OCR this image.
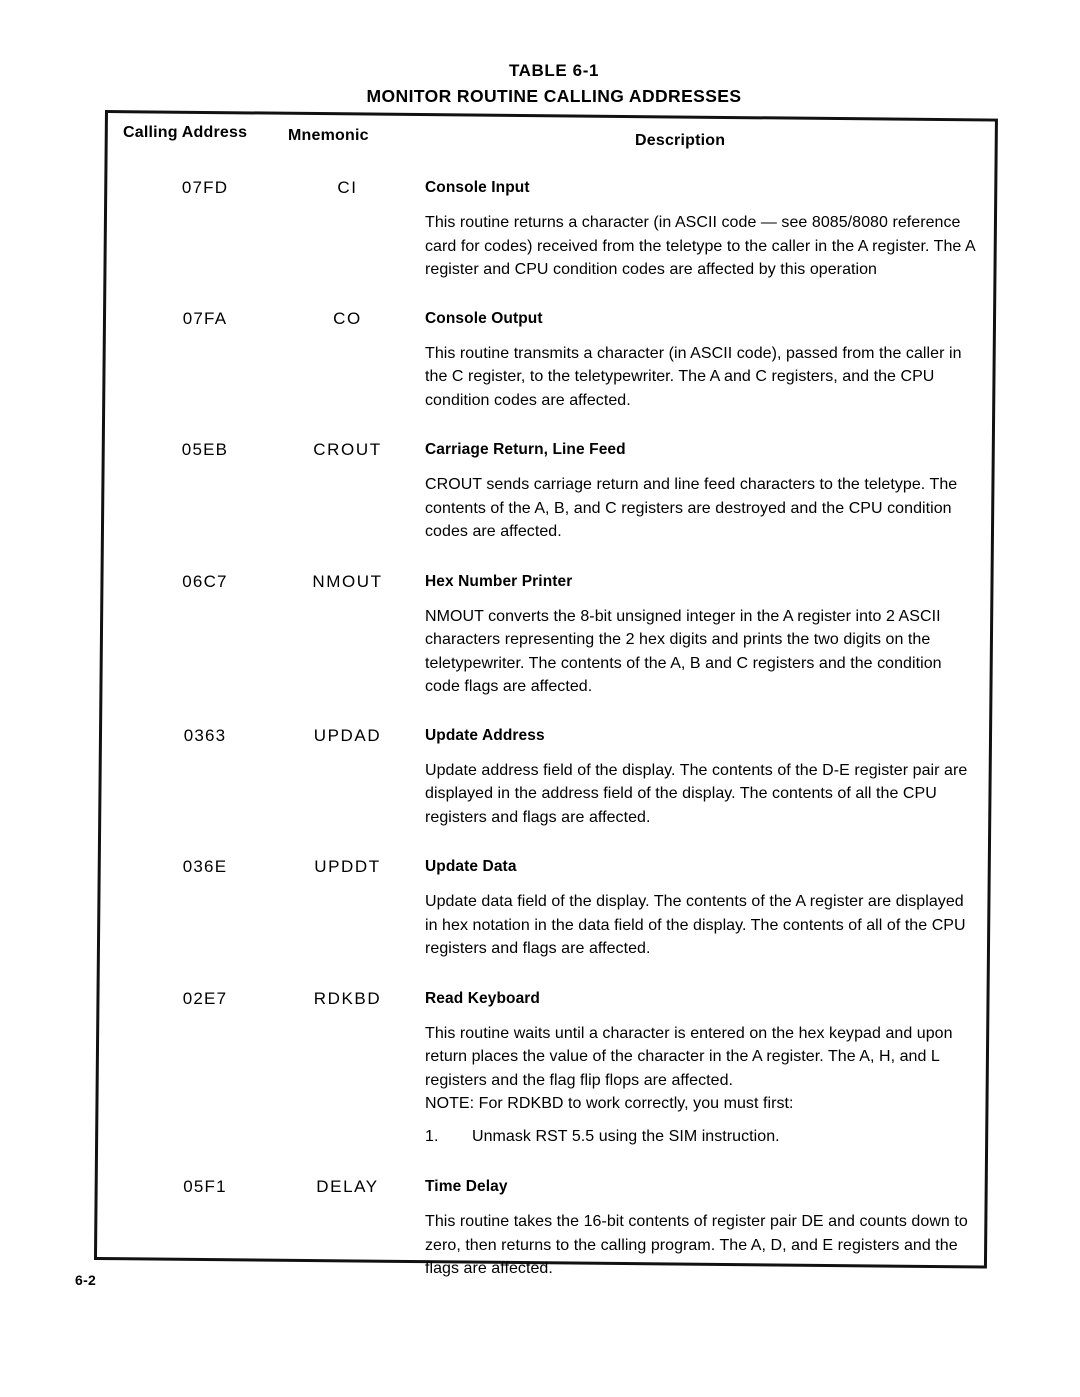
TABLE 6-1
MONITOR ROUTINE CALLING ADDRESSES
Calling Address	Mnemonic	Description
07FD	CI	Console Input

This routine returns a character (in ASCII code — see 8085/8080 reference card for codes) received from the teletype to the caller in the A register. The A register and CPU condition codes are affected by this operation

07FA	CO	Console Output

This routine transmits a character (in ASCII code), passed from the caller in the C register, to the teletypewriter. The A and C registers, and the CPU condition codes are affected.

05EB	CROUT	Carriage Return, Line Feed

CROUT sends carriage return and line feed characters to the teletype. The contents of the A, B, and C registers are destroyed and the CPU condition codes are affected.

06C7	NMOUT	Hex Number Printer

NMOUT converts the 8-bit unsigned integer in the A register into 2 ASCII characters representing the 2 hex digits and prints the two digits on the teletypewriter. The contents of the A, B and C registers and the condition code flags are affected.

0363	UPDAD	Update Address

Update address field of the display. The contents of the D-E register pair are displayed in the address field of the display. The contents of all the CPU registers and flags are affected.

036E	UPDDT	Update Data

Update data field of the display. The contents of the A register are displayed in hex notation in the data field of the display. The contents of all of the CPU registers and flags are affected.

02E7	RDKBD	Read Keyboard

This routine waits until a character is entered on the hex keypad and upon return places the value of the character in the A register. The A, H, and L registers and the flag flip flops are affected.

NOTE: For RDKBD to work correctly, you must first:

1. Unmask RST 5.5 using the SIM instruction.
05F1	DELAY	Time Delay

This routine takes the 16-bit contents of register pair DE and counts down to zero, then returns to the calling program. The A, D, and E registers and the flags are affected.

6-2
